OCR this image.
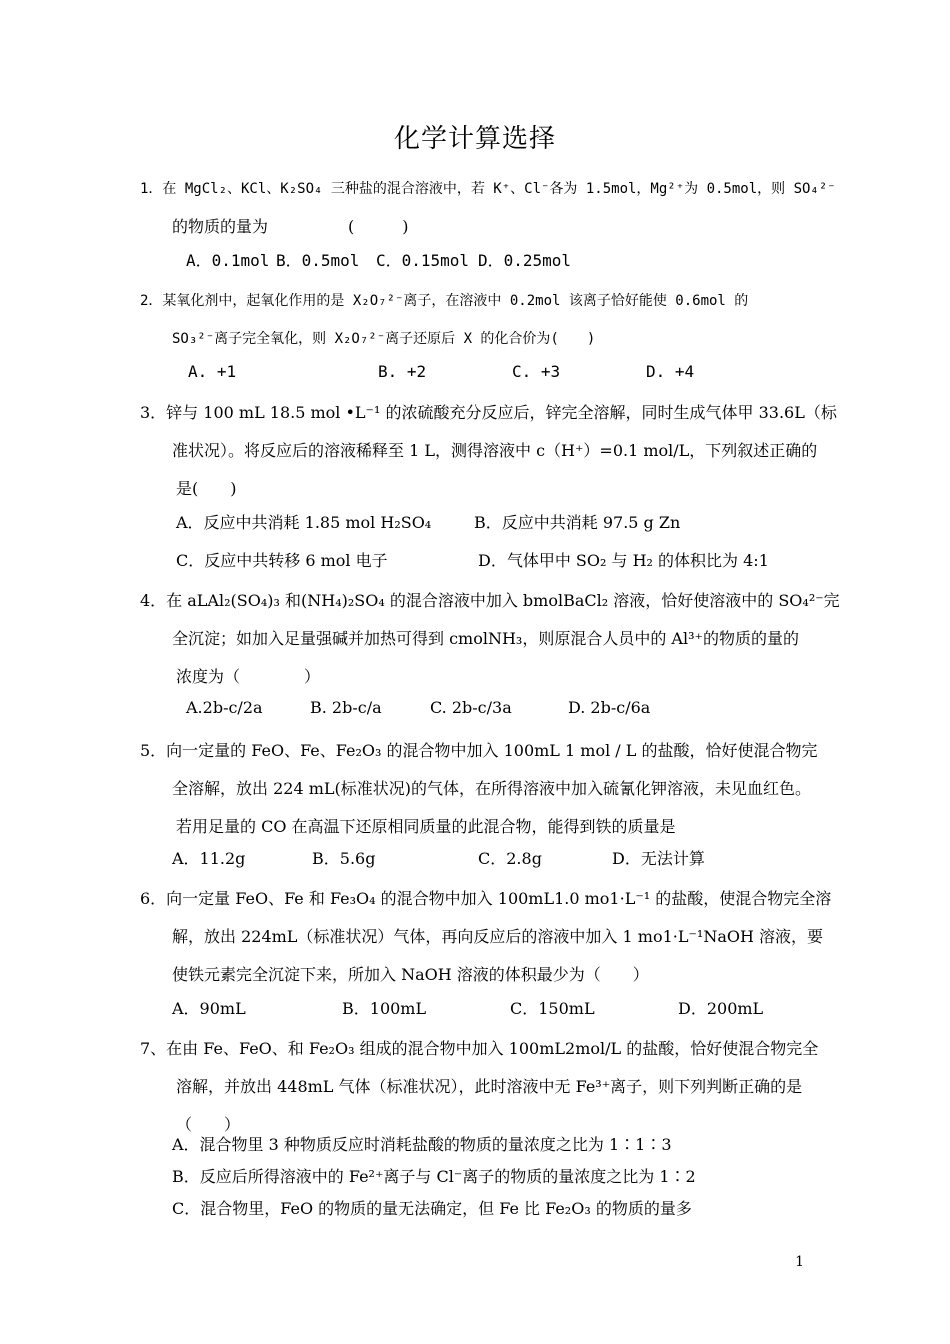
化学计算选择
1．在 MgCl₂、KCl、K₂SO₄ 三种盐的混合溶液中，若 K⁺、Cl⁻各为 1.5mol，Mg²⁺为 0.5mol，则 SO₄²⁻
的物质的量为　　　　　(　　　)
A．0.1mol B．0.5mol C．0.15mol D．0.25mol
2．某氧化剂中，起氧化作用的是 X₂O₇²⁻离子，在溶液中 0.2mol 该离子恰好能使 0.6mol 的
SO₃²⁻离子完全氧化，则 X₂O₇²⁻离子还原后 X 的化合价为(　　)
A. +1	B. +2	C. +3	D. +4
3．锌与 100 mL 18.5 mol •L⁻¹ 的浓硫酸充分反应后，锌完全溶解，同时生成气体甲 33.6L（标
准状况）。将反应后的溶液稀释至 1 L，测得溶液中 c（H⁺）=0.1 mol/L，下列叙述正确的
是(　　)
A．反应中共消耗 1.85 mol H₂SO₄	B．反应中共消耗 97.5 g Zn
C．反应中共转移 6 mol 电子	D．气体甲中 SO₂ 与 H₂ 的体积比为 4:1
4．在 aLAl₂(SO₄)₃ 和(NH₄)₂SO₄ 的混合溶液中加入 bmolBaCl₂ 溶液，恰好使溶液中的 SO₄²⁻完
全沉淀；如加入足量强碱并加热可得到 cmolNH₃，则原混合人员中的 Al³⁺的物质的量的
浓度为（　　　　）
A.2b-c/2a	B. 2b-c/a	C. 2b-c/3a	D. 2b-c/6a
5．向一定量的 FeO、Fe、Fe₂O₃ 的混合物中加入 100mL 1 mol / L 的盐酸，恰好使混合物完
全溶解，放出 224 mL(标准状况)的气体，在所得溶液中加入硫氰化钾溶液，未见血红色。
若用足量的 CO 在高温下还原相同质量的此混合物，能得到铁的质量是
A．11.2g	B．5.6g	C．2.8g	D．无法计算
6．向一定量 FeO、Fe 和 Fe₃O₄ 的混合物中加入 100mL1.0 mo1·L⁻¹ 的盐酸，使混合物完全溶
解，放出 224mL（标准状况）气体，再向反应后的溶液中加入 1 mo1·L⁻¹NaOH 溶液，要
使铁元素完全沉淀下来，所加入 NaOH 溶液的体积最少为（　　）
A．90mL	B．100mL	C．150mL	D．200mL
7、在由 Fe、FeO、和 Fe₂O₃ 组成的混合物中加入 100mL2mol/L 的盐酸，恰好使混合物完全
溶解，并放出 448mL 气体（标准状况），此时溶液中无 Fe³⁺离子，则下列判断正确的是
（　　）
A．混合物里 3 种物质反应时消耗盐酸的物质的量浓度之比为 1∶1∶3
B．反应后所得溶液中的 Fe²⁺离子与 Cl⁻离子的物质的量浓度之比为 1∶2
C．混合物里，FeO 的物质的量无法确定，但 Fe 比 Fe₂O₃ 的物质的量多
1
